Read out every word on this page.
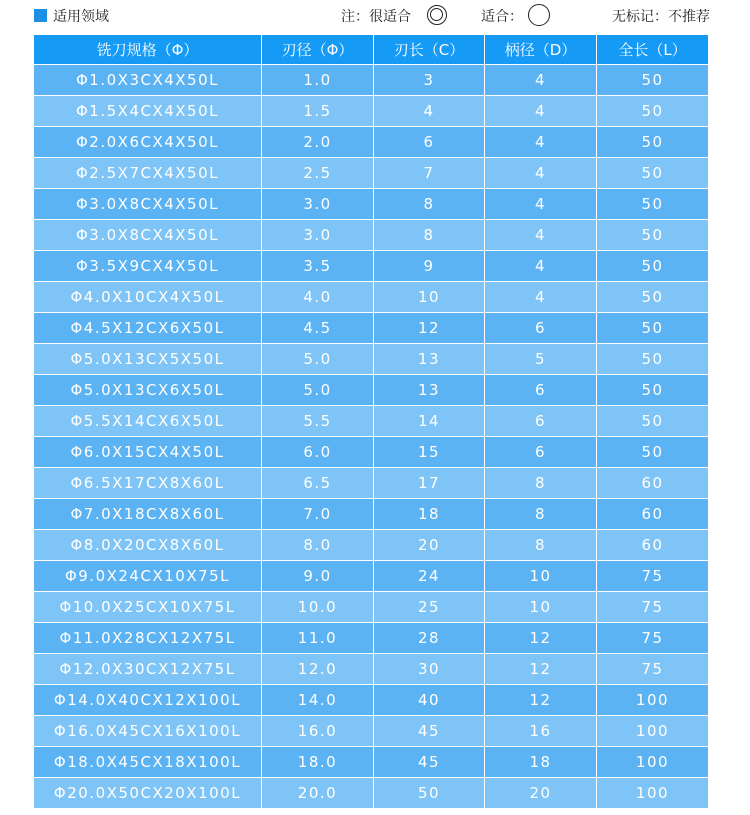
适用领域	注：很适合	适合：	无标记：不推荐
铣刀规格（Φ）	刃径（Φ）	刃长（C）	柄径（D）	全长（L）
Φ1.0X3CX4X50L	1.0	3	4	50
Φ1.5X4CX4X50L	1.5	4	4	50
Φ2.0X6CX4X50L	2.0	6	4	50
Φ2.5X7CX4X50L	2.5	7	4	50
Φ3.0X8CX4X50L	3.0	8	4	50
Φ3.0X8CX4X50L	3.0	8	4	50
Φ3.5X9CX4X50L	3.5	9	4	50
Φ4.0X10CX4X50L	4.0	10	4	50
Φ4.5X12CX6X50L	4.5	12	6	50
Φ5.0X13CX5X50L	5.0	13	5	50
Φ5.0X13CX6X50L	5.0	13	6	50
Φ5.5X14CX6X50L	5.5	14	6	50
Φ6.0X15CX4X50L	6.0	15	6	50
Φ6.5X17CX8X60L	6.5	17	8	60
Φ7.0X18CX8X60L	7.0	18	8	60
Φ8.0X20CX8X60L	8.0	20	8	60
Φ9.0X24CX10X75L	9.0	24	10	75
Φ10.0X25CX10X75L	10.0	25	10	75
Φ11.0X28CX12X75L	11.0	28	12	75
Φ12.0X30CX12X75L	12.0	30	12	75
Φ14.0X40CX12X100L	14.0	40	12	100
Φ16.0X45CX16X100L	16.0	45	16	100
Φ18.0X45CX18X100L	18.0	45	18	100
Φ20.0X50CX20X100L	20.0	50	20	100
